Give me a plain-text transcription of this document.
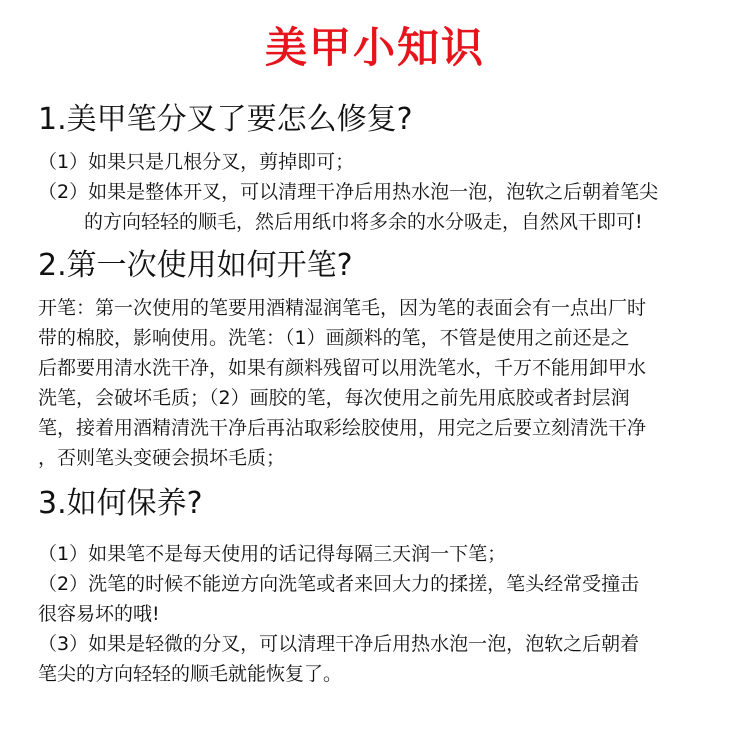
美甲小知识
1.美甲笔分叉了要怎么修复?
（1）如果只是几根分叉，剪掉即可；
（2）如果是整体开叉，可以清理干净后用热水泡一泡，泡软之后朝着笔尖
的方向轻轻的顺毛，然后用纸巾将多余的水分吸走，自然风干即可!
2.第一次使用如何开笔?
开笔：第一次使用的笔要用酒精湿润笔毛，因为笔的表面会有一点出厂时
带的棉胶，影响使用。洗笔：（1）画颜料的笔，不管是使用之前还是之
后都要用清水洗干净，如果有颜料残留可以用洗笔水，千万不能用卸甲水
洗笔，会破坏毛质；（2）画胶的笔，每次使用之前先用底胶或者封层润
笔，接着用酒精清洗干净后再沾取彩绘胶使用，用完之后要立刻清洗干净
，否则笔头变硬会损坏毛质；
3.如何保养?
（1）如果笔不是每天使用的话记得每隔三天润一下笔；
（2）洗笔的时候不能逆方向洗笔或者来回大力的揉搓，笔头经常受撞击
很容易坏的哦!
（3）如果是轻微的分叉，可以清理干净后用热水泡一泡，泡软之后朝着
笔尖的方向轻轻的顺毛就能恢复了。
